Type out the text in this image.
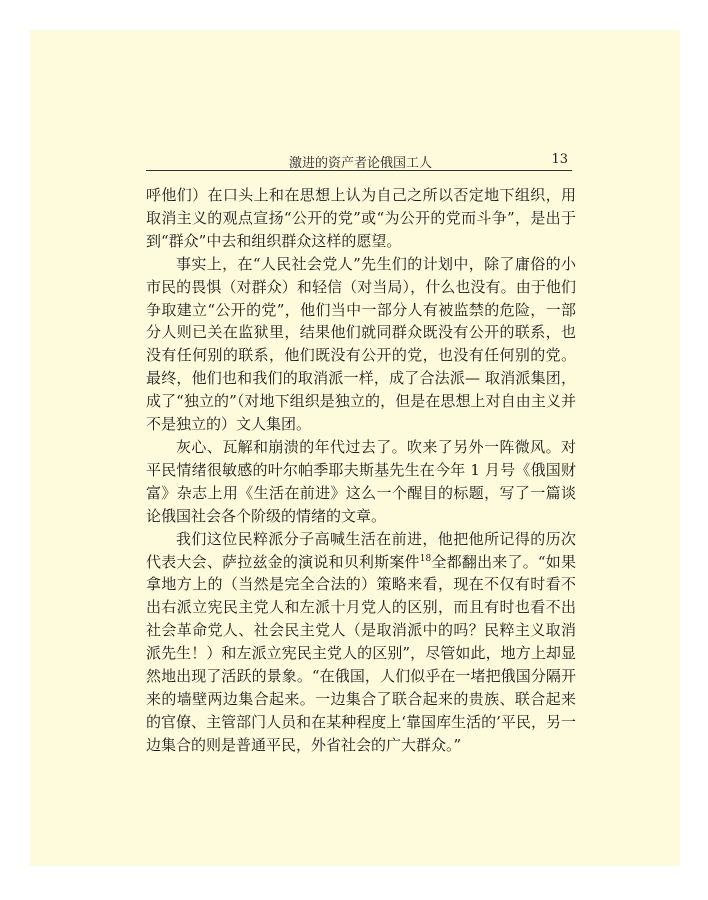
激进的资产者论俄国工人	13

呼他们）在口头上和在思想上认为自己之所以否定地下组织，用取消主义的观点宣扬“公开的党”或“为公开的党而斗争”，是出于到“群众”中去和组织群众这样的愿望。

事实上，在“人民社会党人”先生们的计划中，除了庸俗的小市民的畏惧（对群众）和轻信（对当局），什么也没有。由于他们争取建立“公开的党”，他们当中一部分人有被监禁的危险，一部分人则已关在监狱里，结果他们就同群众既没有公开的联系，也没有任何别的联系，他们既没有公开的党，也没有任何别的党。最终，他们也和我们的取消派一样，成了合法派— 取消派集团，成了“独立的”（对地下组织是独立的，但是在思想上对自由主义并不是独立的）文人集团。

灰心、瓦解和崩溃的年代过去了。吹来了另外一阵微风。对平民情绪很敏感的叶尔帕季耶夫斯基先生在今年 1 月号《俄国财富》杂志上用《生活在前进》这么一个醒目的标题，写了一篇谈论俄国社会各个阶级的情绪的文章。

我们这位民粹派分子高喊生活在前进，他把他所记得的历次代表大会、萨拉兹金的演说和贝利斯案件$^{18}$全都翻出来了。“如果拿地方上的（当然是完全合法的）策略来看，现在不仅有时看不出右派立宪民主党人和左派十月党人的区别，而且有时也看不出社会革命党人、社会民主党人（是取消派中的吗？民粹主义取消派先生！）和左派立宪民主党人的区别”，尽管如此，地方上却显然地出现了活跃的景象。“在俄国，人们似乎在一堵把俄国分隔开来的墙壁两边集合起来。一边集合了联合起来的贵族、联合起来的官僚、主管部门人员和在某种程度上‘靠国库生活的’平民，另一边集合的则是普通平民，外省社会的广大群众。”
